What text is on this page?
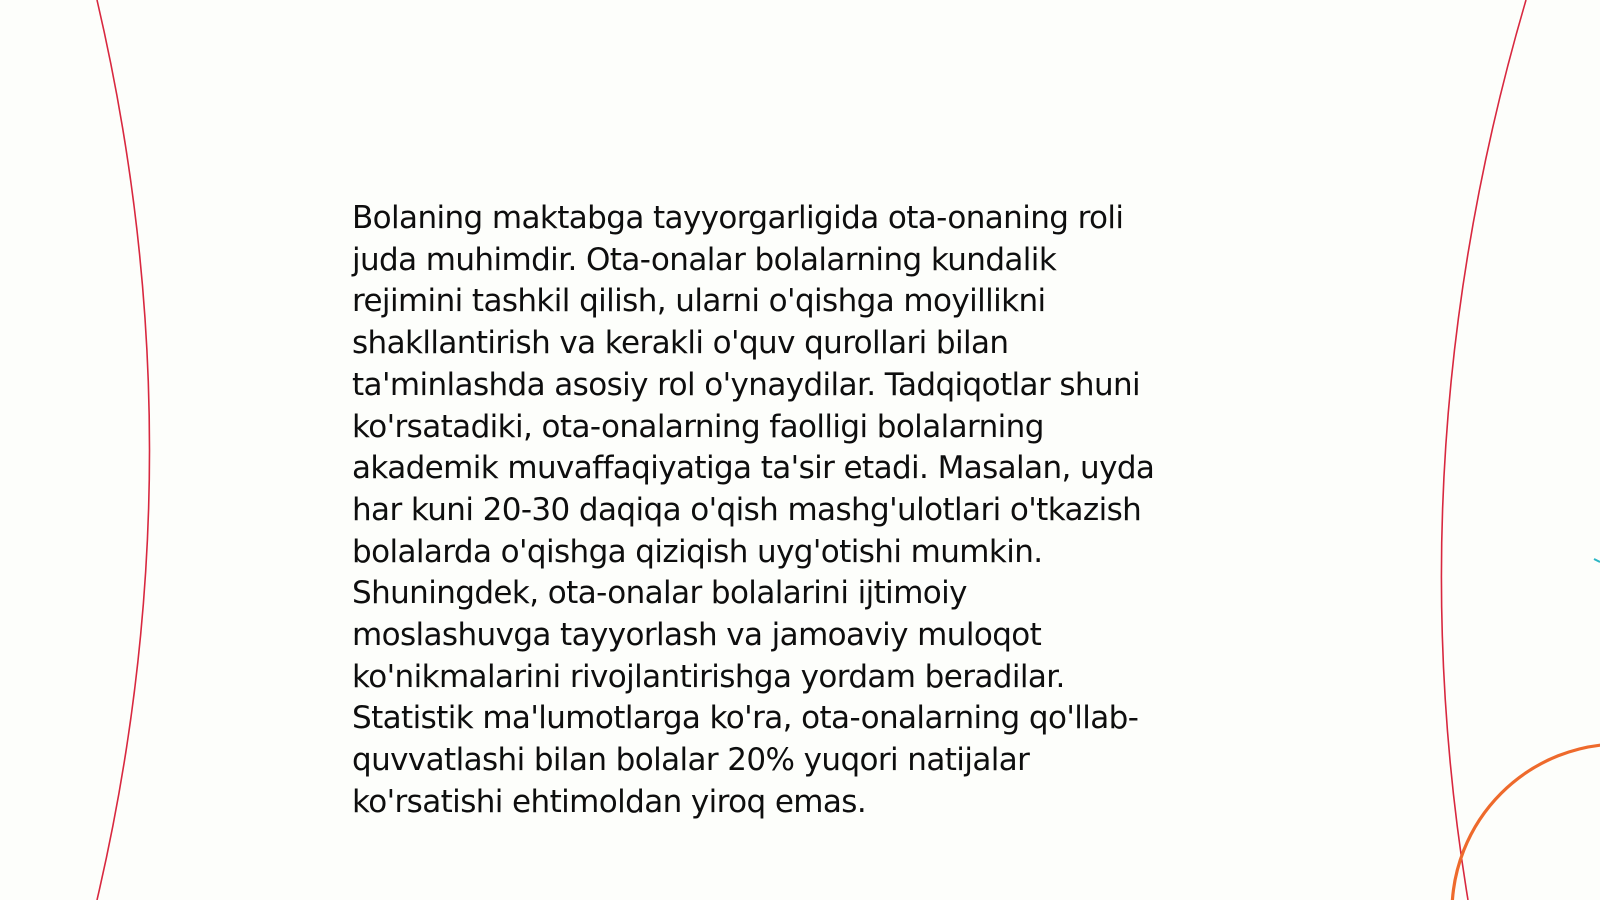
Bolaning maktabga tayyorgarligida ota-onaning roli
juda muhimdir. Ota-onalar bolalarning kundalik
rejimini tashkil qilish, ularni o'qishga moyillikni
shakllantirish va kerakli o'quv qurollari bilan
ta'minlashda asosiy rol o'ynaydilar. Tadqiqotlar shuni
ko'rsatadiki, ota-onalarning faolligi bolalarning
akademik muvaffaqiyatiga ta'sir etadi. Masalan, uyda
har kuni 20-30 daqiqa o'qish mashg'ulotlari o'tkazish
bolalarda o'qishga qiziqish uyg'otishi mumkin.
Shuningdek, ota-onalar bolalarini ijtimoiy
moslashuvga tayyorlash va jamoaviy muloqot
ko'nikmalarini rivojlantirishga yordam beradilar.
Statistik ma'lumotlarga ko'ra, ota-onalarning qo'llab-
quvvatlashi bilan bolalar 20% yuqori natijalar
ko'rsatishi ehtimoldan yiroq emas.
